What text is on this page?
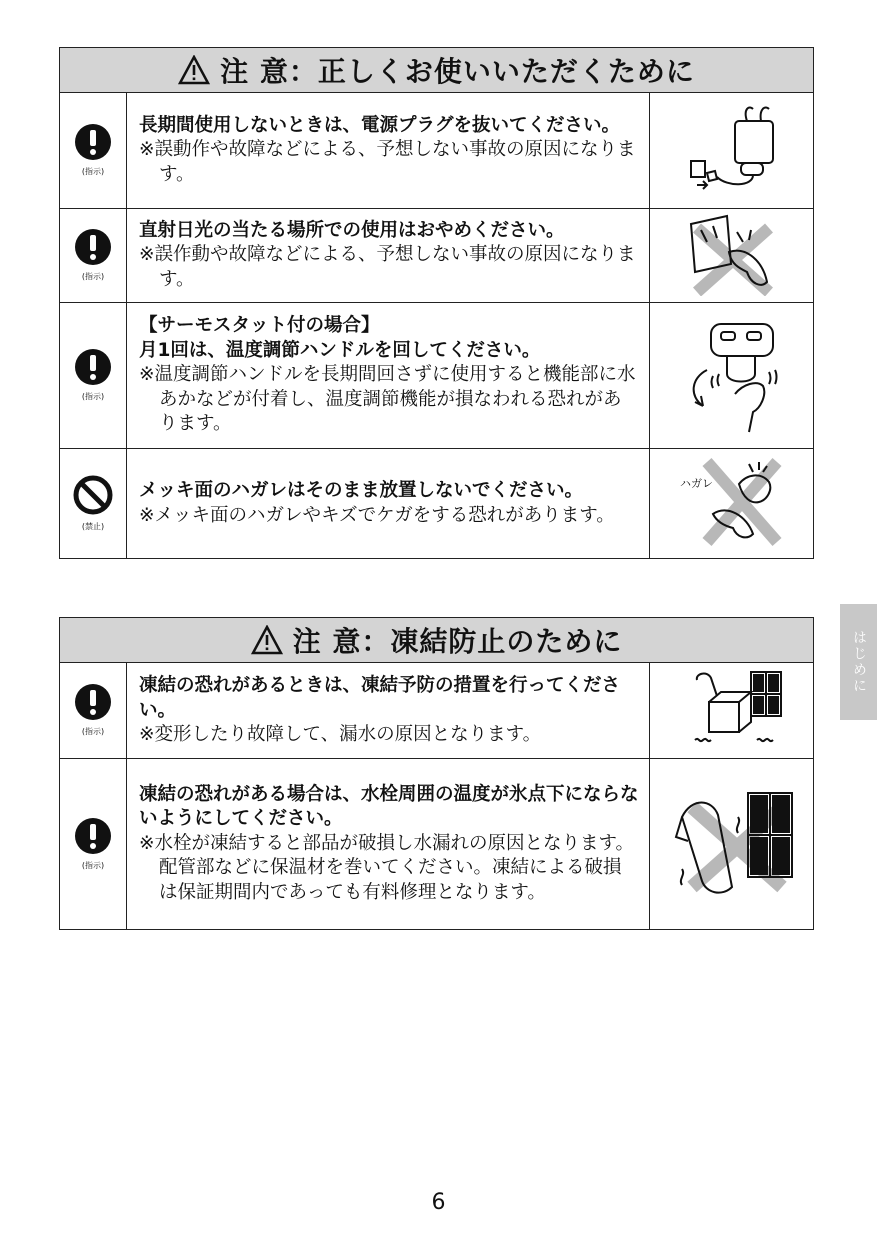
注 意：正しくお使いいただくために		

(指示)	長期間使用しないときは、電源プラグを抜いてください。
※誤動作や故障などによる、予想しない事故の原因になります。

(指示)	直射日光の当たる場所での使用はおやめください。
※誤作動や故障などによる、予想しない事故の原因になります。

(指示)	【サーモスタット付の場合】
月1回は、温度調節ハンドルを回してください。
※温度調節ハンドルを長期間回さずに使用すると機能部に水あかなどが付着し、温度調節機能が損なわれる恐れがあります。

(禁止)	メッキ面のハガレはそのまま放置しないでください。
※メッキ面のハガレやキズでケガをする恐れがあります。	ハガレ
注 意：凍結防止のために		

(指示)	凍結の恐れがあるときは、凍結予防の措置を行ってください。
※変形したり故障して、漏水の原因となります。

(指示)	凍結の恐れがある場合は、水栓周囲の温度が氷点下にならないようにしてください。
※水栓が凍結すると部品が破損し水漏れの原因となります。配管部などに保温材を巻いてください。凍結による破損は保証期間内であっても有料修理となります。

はじめに
6
